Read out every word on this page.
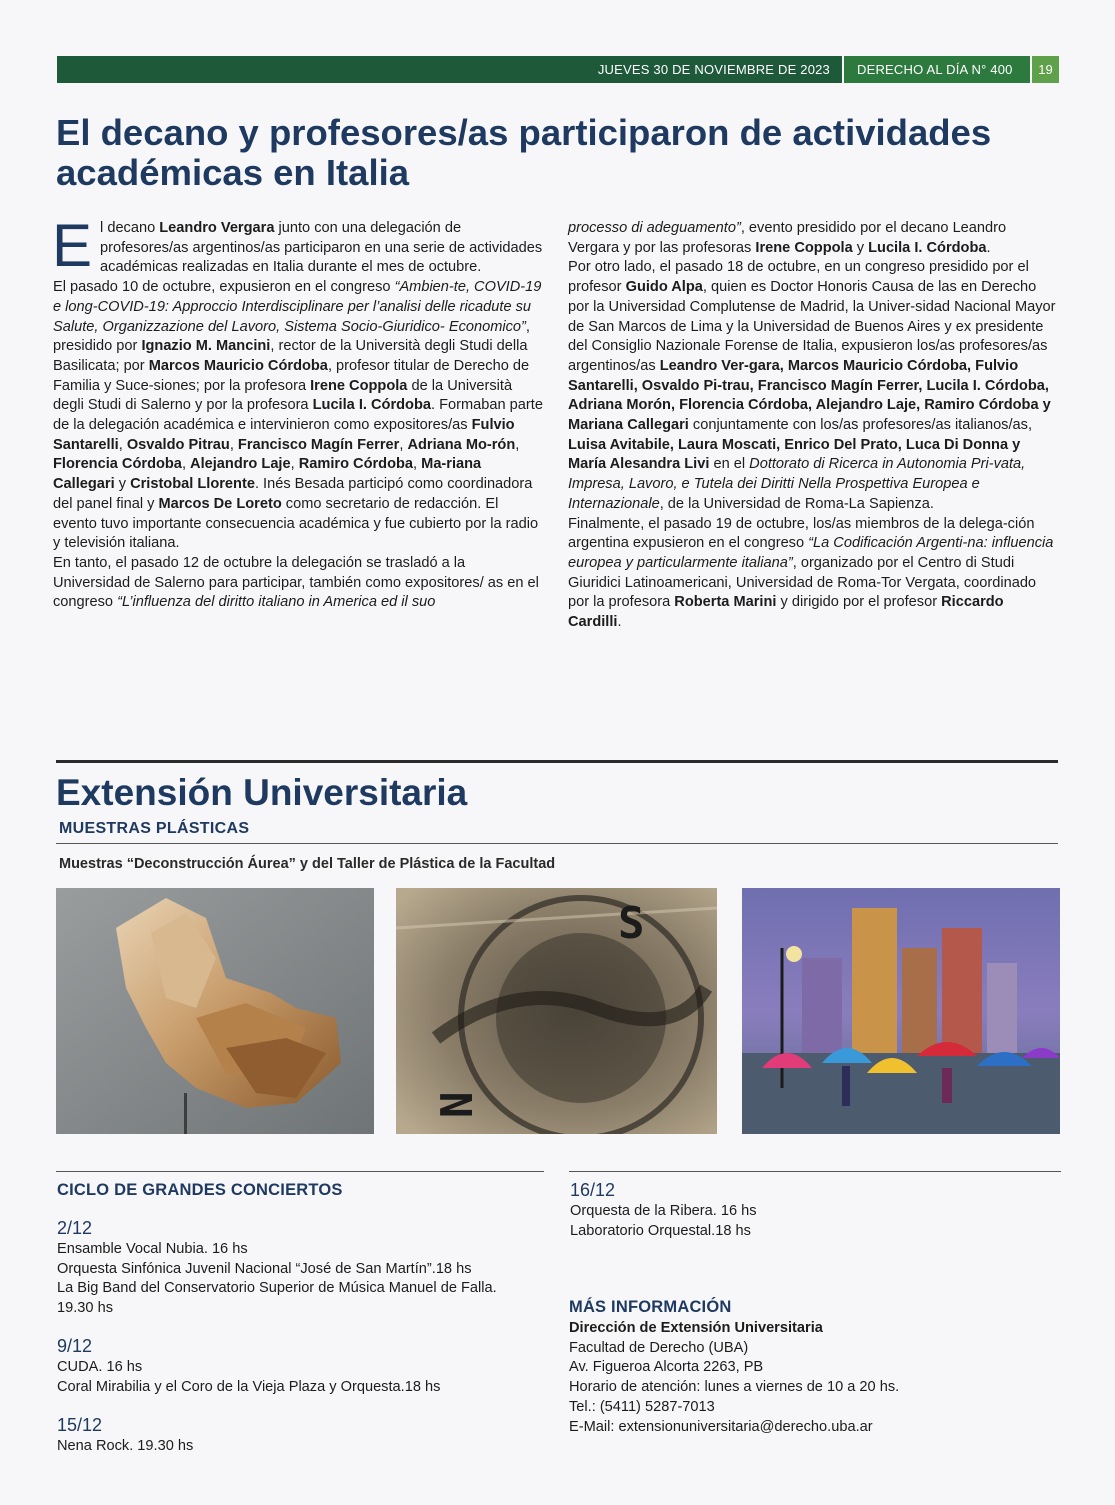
JUEVES 30 DE NOVIEMBRE DE 2023	DERECHO AL DÍA N° 400	19
El decano y profesores/as participaron de actividades
académicas en Italia

El decano Leandro Vergara junto con una delegación de profesores/as argentinos/as participaron en una serie de actividades académicas realizadas en Italia durante el mes de octubre.

El pasado 10 de octubre, expusieron en el congreso “Ambien-te, COVID-19 e long-COVID-19: Approccio Interdisciplinare per l’analisi delle ricadute su Salute, Organizzazione del Lavoro, Sistema Socio-Giuridico- Economico”, presidido por Ignazio M. Mancini, rector de la Università degli Studi della Basilicata; por Marcos Mauricio Córdoba, profesor titular de Derecho de Familia y Suce-siones; por la profesora Irene Coppola de la Università degli Studi di Salerno y por la profesora Lucila I. Córdoba. Formaban parte de la delegación académica e intervinieron como expositores/as Fulvio Santarelli, Osvaldo Pitrau, Francisco Magín Ferrer, Adriana Mo-rón, Florencia Córdoba, Alejandro Laje, Ramiro Córdoba, Ma-riana Callegari y Cristobal Llorente. Inés Besada participó como coordinadora del panel final y Marcos De Loreto como secretario de redacción. El evento tuvo importante consecuencia académica y fue cubierto por la radio y televisión italiana.

En tanto, el pasado 12 de octubre la delegación se trasladó a la Universidad de Salerno para participar, también como expositores/ as en el congreso “L’influenza del diritto italiano in America ed il suo

processo di adeguamento”, evento presidido por el decano Leandro Vergara y por las profesoras Irene Coppola y Lucila I. Córdoba.

Por otro lado, el pasado 18 de octubre, en un congreso presidido por el profesor Guido Alpa, quien es Doctor Honoris Causa de las en Derecho por la Universidad Complutense de Madrid, la Univer-sidad Nacional Mayor de San Marcos de Lima y la Universidad de Buenos Aires y ex presidente del Consiglio Nazionale Forense de Italia, expusieron los/as profesores/as argentinos/as Leandro Ver-gara, Marcos Mauricio Córdoba, Fulvio Santarelli, Osvaldo Pi-trau, Francisco Magín Ferrer, Lucila I. Córdoba, Adriana Morón, Florencia Córdoba, Alejandro Laje, Ramiro Córdoba y Mariana Callegari conjuntamente con los/as profesores/as italianos/as, Luisa Avitabile, Laura Moscati, Enrico Del Prato, Luca Di Donna y María Alesandra Livi en el Dottorato di Ricerca in Autonomia Pri-vata, Impresa, Lavoro, e Tutela dei Diritti Nella Prospettiva Europea e Internazionale, de la Universidad de Roma-La Sapienza.

Finalmente, el pasado 19 de octubre, los/as miembros de la delega-ción argentina expusieron en el congreso “La Codificación Argenti-na: influencia europea y particularmente italiana”, organizado por el Centro di Studi Giuridici Latinoamericani, Universidad de Roma-Tor Vergata, coordinado por la profesora Roberta Marini y dirigido por el profesor Riccardo Cardilli.

Extensión Universitaria
MUESTRAS PLÁSTICAS
Muestras “Deconstrucción Áurea” y del Taller de Plástica de la Facultad
S
N
CICLO DE GRANDES CONCIERTOS
2/12
Ensamble Vocal Nubia. 16 hs
Orquesta Sinfónica Juvenil Nacional “José de San Martín”.18 hs
La Big Band del Conservatorio Superior de Música Manuel de Falla.
19.30 hs
9/12
CUDA. 16 hs
Coral Mirabilia y el Coro de la Vieja Plaza y Orquesta.18 hs
15/12
Nena Rock. 19.30 hs
16/12
Orquesta de la Ribera. 16 hs
Laboratorio Orquestal.18 hs
MÁS INFORMACIÓN
Dirección de Extensión Universitaria
Facultad de Derecho (UBA)
Av. Figueroa Alcorta 2263, PB
Horario de atención: lunes a viernes de 10 a 20 hs.
Tel.: (5411) 5287-7013
E-Mail: extensionuniversitaria@derecho.uba.ar
